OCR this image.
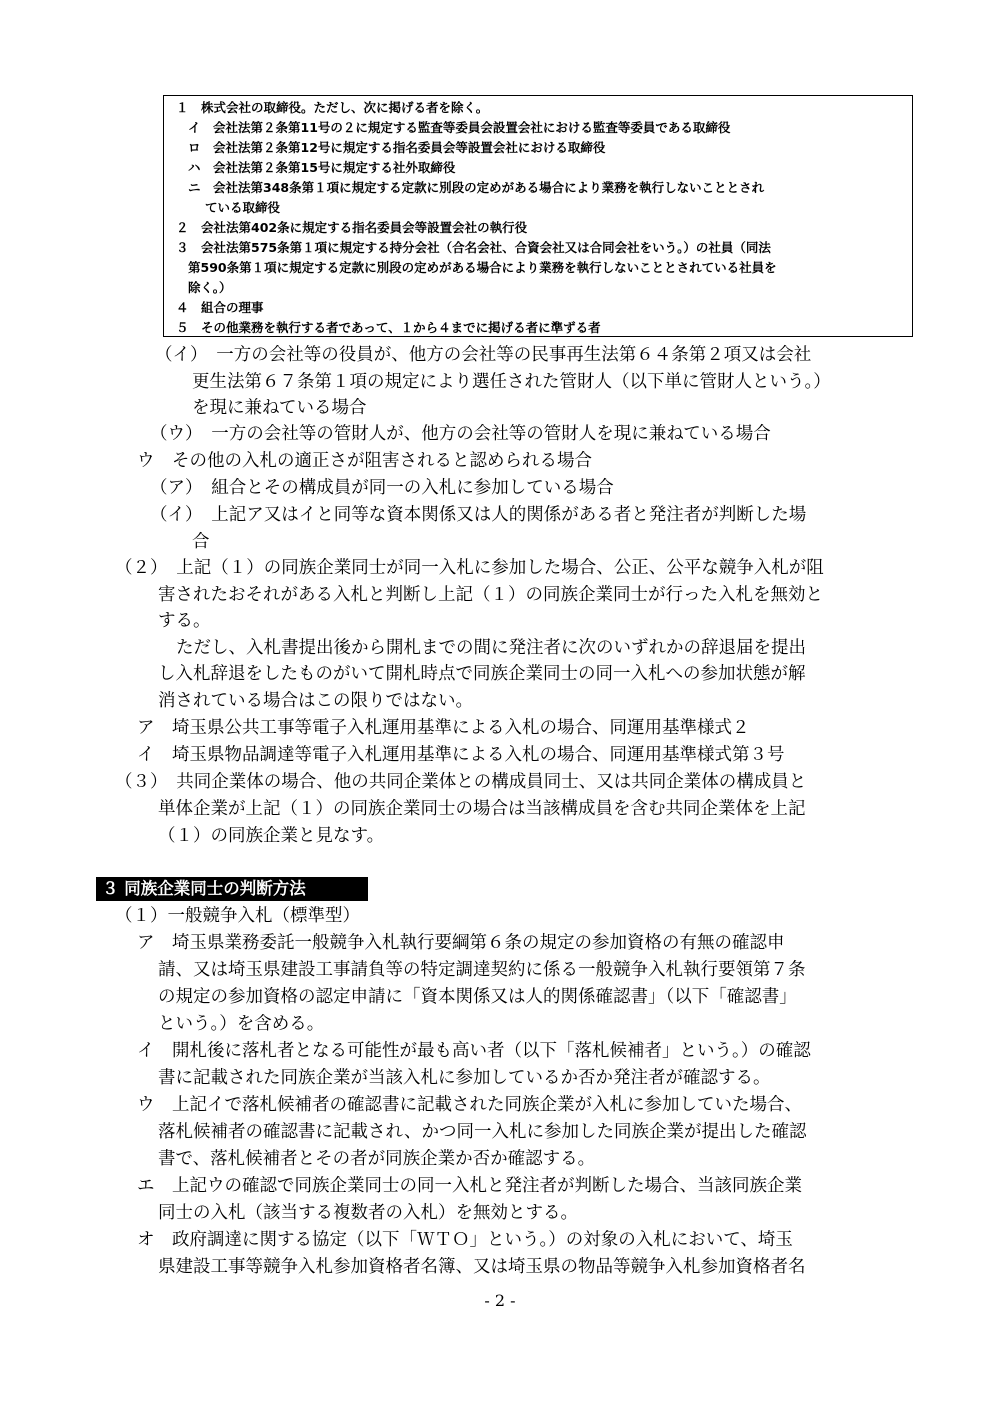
１　株式会社の取締役。ただし、次に掲げる者を除く。
イ　会社法第２条第11号の２に規定する監査等委員会設置会社における監査等委員である取締役
ロ　会社法第２条第12号に規定する指名委員会等設置会社における取締役
ハ　会社法第２条第15号に規定する社外取締役
ニ　会社法第348条第１項に規定する定款に別段の定めがある場合により業務を執行しないこととされ
ている取締役
２　会社法第402条に規定する指名委員会等設置会社の執行役
３　会社法第575条第１項に規定する持分会社（合名会社、合資会社又は合同会社をいう。）の社員（同法
第590条第１項に規定する定款に別段の定めがある場合により業務を執行しないこととされている社員を
除く。）
４　組合の理事
５　その他業務を執行する者であって、１から４までに掲げる者に準ずる者
（イ）　一方の会社等の役員が、他方の会社等の民事再生法第６４条第２項又は会社
更生法第６７条第１項の規定により選任された管財人（以下単に管財人という。）
を現に兼ねている場合
（ウ）　一方の会社等の管財人が、他方の会社等の管財人を現に兼ねている場合
ウ　その他の入札の適正さが阻害されると認められる場合
（ア）　組合とその構成員が同一の入札に参加している場合
（イ）　上記ア又はイと同等な資本関係又は人的関係がある者と発注者が判断した場
合
（２）　上記（１）の同族企業同士が同一入札に参加した場合、公正、公平な競争入札が阻
害されたおそれがある入札と判断し上記（１）の同族企業同士が行った入札を無効と
する。
ただし、入札書提出後から開札までの間に発注者に次のいずれかの辞退届を提出
し入札辞退をしたものがいて開札時点で同族企業同士の同一入札への参加状態が解
消されている場合はこの限りではない。
ア　埼玉県公共工事等電子入札運用基準による入札の場合、同運用基準様式２
イ　埼玉県物品調達等電子入札運用基準による入札の場合、同運用基準様式第３号
（３）　共同企業体の場合、他の共同企業体との構成員同士、又は共同企業体の構成員と
単体企業が上記（１）の同族企業同士の場合は当該構成員を含む共同企業体を上記
（１）の同族企業と見なす。
３ 同族企業同士の判断方法
（１）一般競争入札（標準型）
ア　埼玉県業務委託一般競争入札執行要綱第６条の規定の参加資格の有無の確認申
請、又は埼玉県建設工事請負等の特定調達契約に係る一般競争入札執行要領第７条
の規定の参加資格の認定申請に「資本関係又は人的関係確認書」（以下「確認書」
という。）を含める。
イ　開札後に落札者となる可能性が最も高い者（以下「落札候補者」という。）の確認
書に記載された同族企業が当該入札に参加しているか否か発注者が確認する。
ウ　上記イで落札候補者の確認書に記載された同族企業が入札に参加していた場合、
落札候補者の確認書に記載され、かつ同一入札に参加した同族企業が提出した確認
書で、落札候補者とその者が同族企業か否か確認する。
エ　上記ウの確認で同族企業同士の同一入札と発注者が判断した場合、当該同族企業
同士の入札（該当する複数者の入札）を無効とする。
オ　政府調達に関する協定（以下「ＷＴＯ」という。）の対象の入札において、埼玉
県建設工事等競争入札参加資格者名簿、又は埼玉県の物品等競争入札参加資格者名
- 2 -
